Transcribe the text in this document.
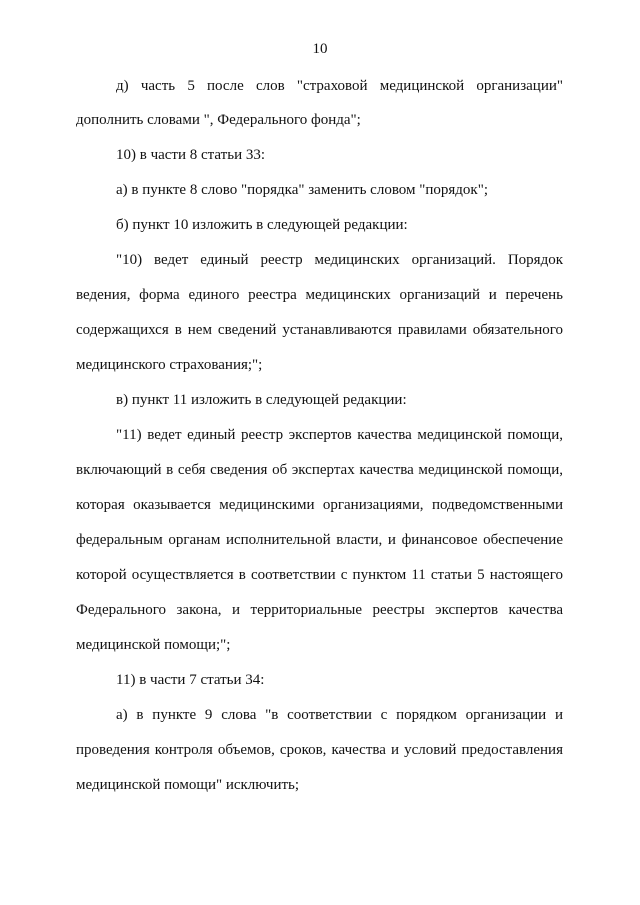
10
д) часть 5 после слов "страховой медицинской организации"
дополнить словами ", Федерального фонда";
10) в части 8 статьи 33:
а) в пункте 8 слово "порядка" заменить словом "порядок";
б) пункт 10 изложить в следующей редакции:
"10) ведет единый реестр медицинских организаций. Порядок
ведения, форма единого реестра медицинских организаций и перечень
содержащихся в нем сведений устанавливаются правилами обязательного
медицинского страхования;";
в) пункт 11 изложить в следующей редакции:
"11) ведет единый реестр экспертов качества медицинской помощи,
включающий в себя сведения об экспертах качества медицинской помощи,
которая оказывается медицинскими организациями, подведомственными
федеральным органам исполнительной власти, и финансовое обеспечение
которой осуществляется в соответствии с пунктом 11 статьи 5 настоящего
Федерального закона, и территориальные реестры экспертов качества
медицинской помощи;";
11) в части 7 статьи 34:
а) в пункте 9 слова "в соответствии с порядком организации и
проведения контроля объемов, сроков, качества и условий предоставления
медицинской помощи" исключить;
